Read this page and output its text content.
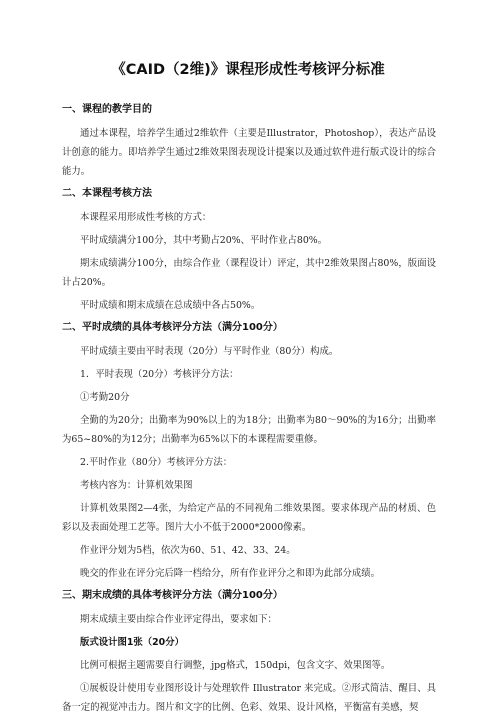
《CAID（2维)》课程形成性考核评分标准
一、课程的教学目的
通过本课程，培养学生通过2维软件（主要是Illustrator，Photoshop），表达产品设计创意的能力。即培养学生通过2维效果图表现设计提案以及通过软件进行版式设计的综合能力。
二、本课程考核方法
本课程采用形成性考核的方式：
平时成绩满分100分，其中考勤占20%、平时作业占80%。
期末成绩满分100分，由综合作业（课程设计）评定，其中2维效果图占80%，版面设计占20%。
平时成绩和期末成绩在总成绩中各占50%。
二、平时成绩的具体考核评分方法（满分100分）
平时成绩主要由平时表现（20分）与平时作业（80分）构成。
1．平时表现（20分）考核评分方法：
①考勤20分
全勤的为20分；出勤率为90%以上的为18分；出勤率为80～90%的为16分；出勤率为65~80%的为12分；出勤率为65%以下的本课程需要重修。
2.平时作业（80分）考核评分方法：
考核内容为：计算机效果图
计算机效果图2—4张，为给定产品的不同视角二维效果图。要求体现产品的材质、色彩以及表面处理工艺等。图片大小不低于2000*2000像素。
作业评分划为5档，依次为60、51、42、33、24。
晚交的作业在评分完后降一档给分，所有作业评分之和即为此部分成绩。
三、期末成绩的具体考核评分方法（满分100分）
期末成绩主要由综合作业评定得出，要求如下：
版式设计图1张（20分）
比例可根据主题需要自行调整，jpg格式，150dpi，包含文字、效果图等。
①展板设计使用专业图形设计与处理软件 Illustrator 来完成。②形式简洁、醒目、具备一定的视觉冲击力。图片和文字的比例、色彩、效果、设计风格，平衡富有美感，契
